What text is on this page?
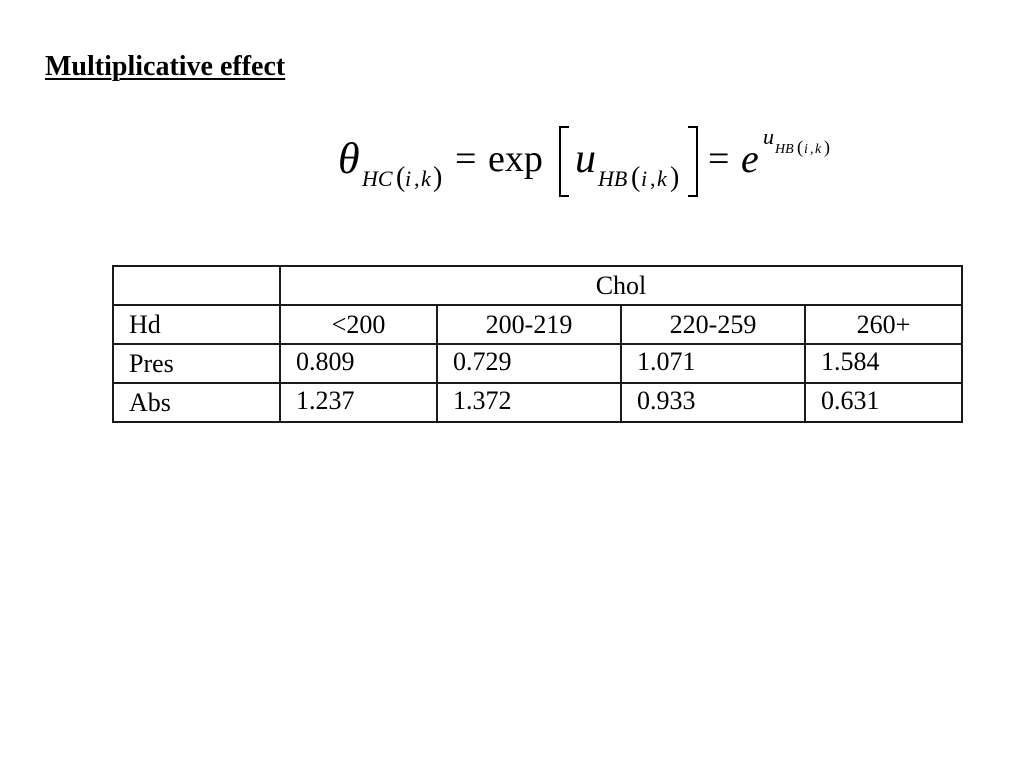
Multiplicative effect
θ HC ( i , k ) = exp u HB ( i , k ) = e u
HB ( i , k )
	Chol			
Hd	<200	200-219	220-259	260+
Pres	0.809	0.729	1.071	1.584

Abs	1.237	1.372	0.933	0.631
